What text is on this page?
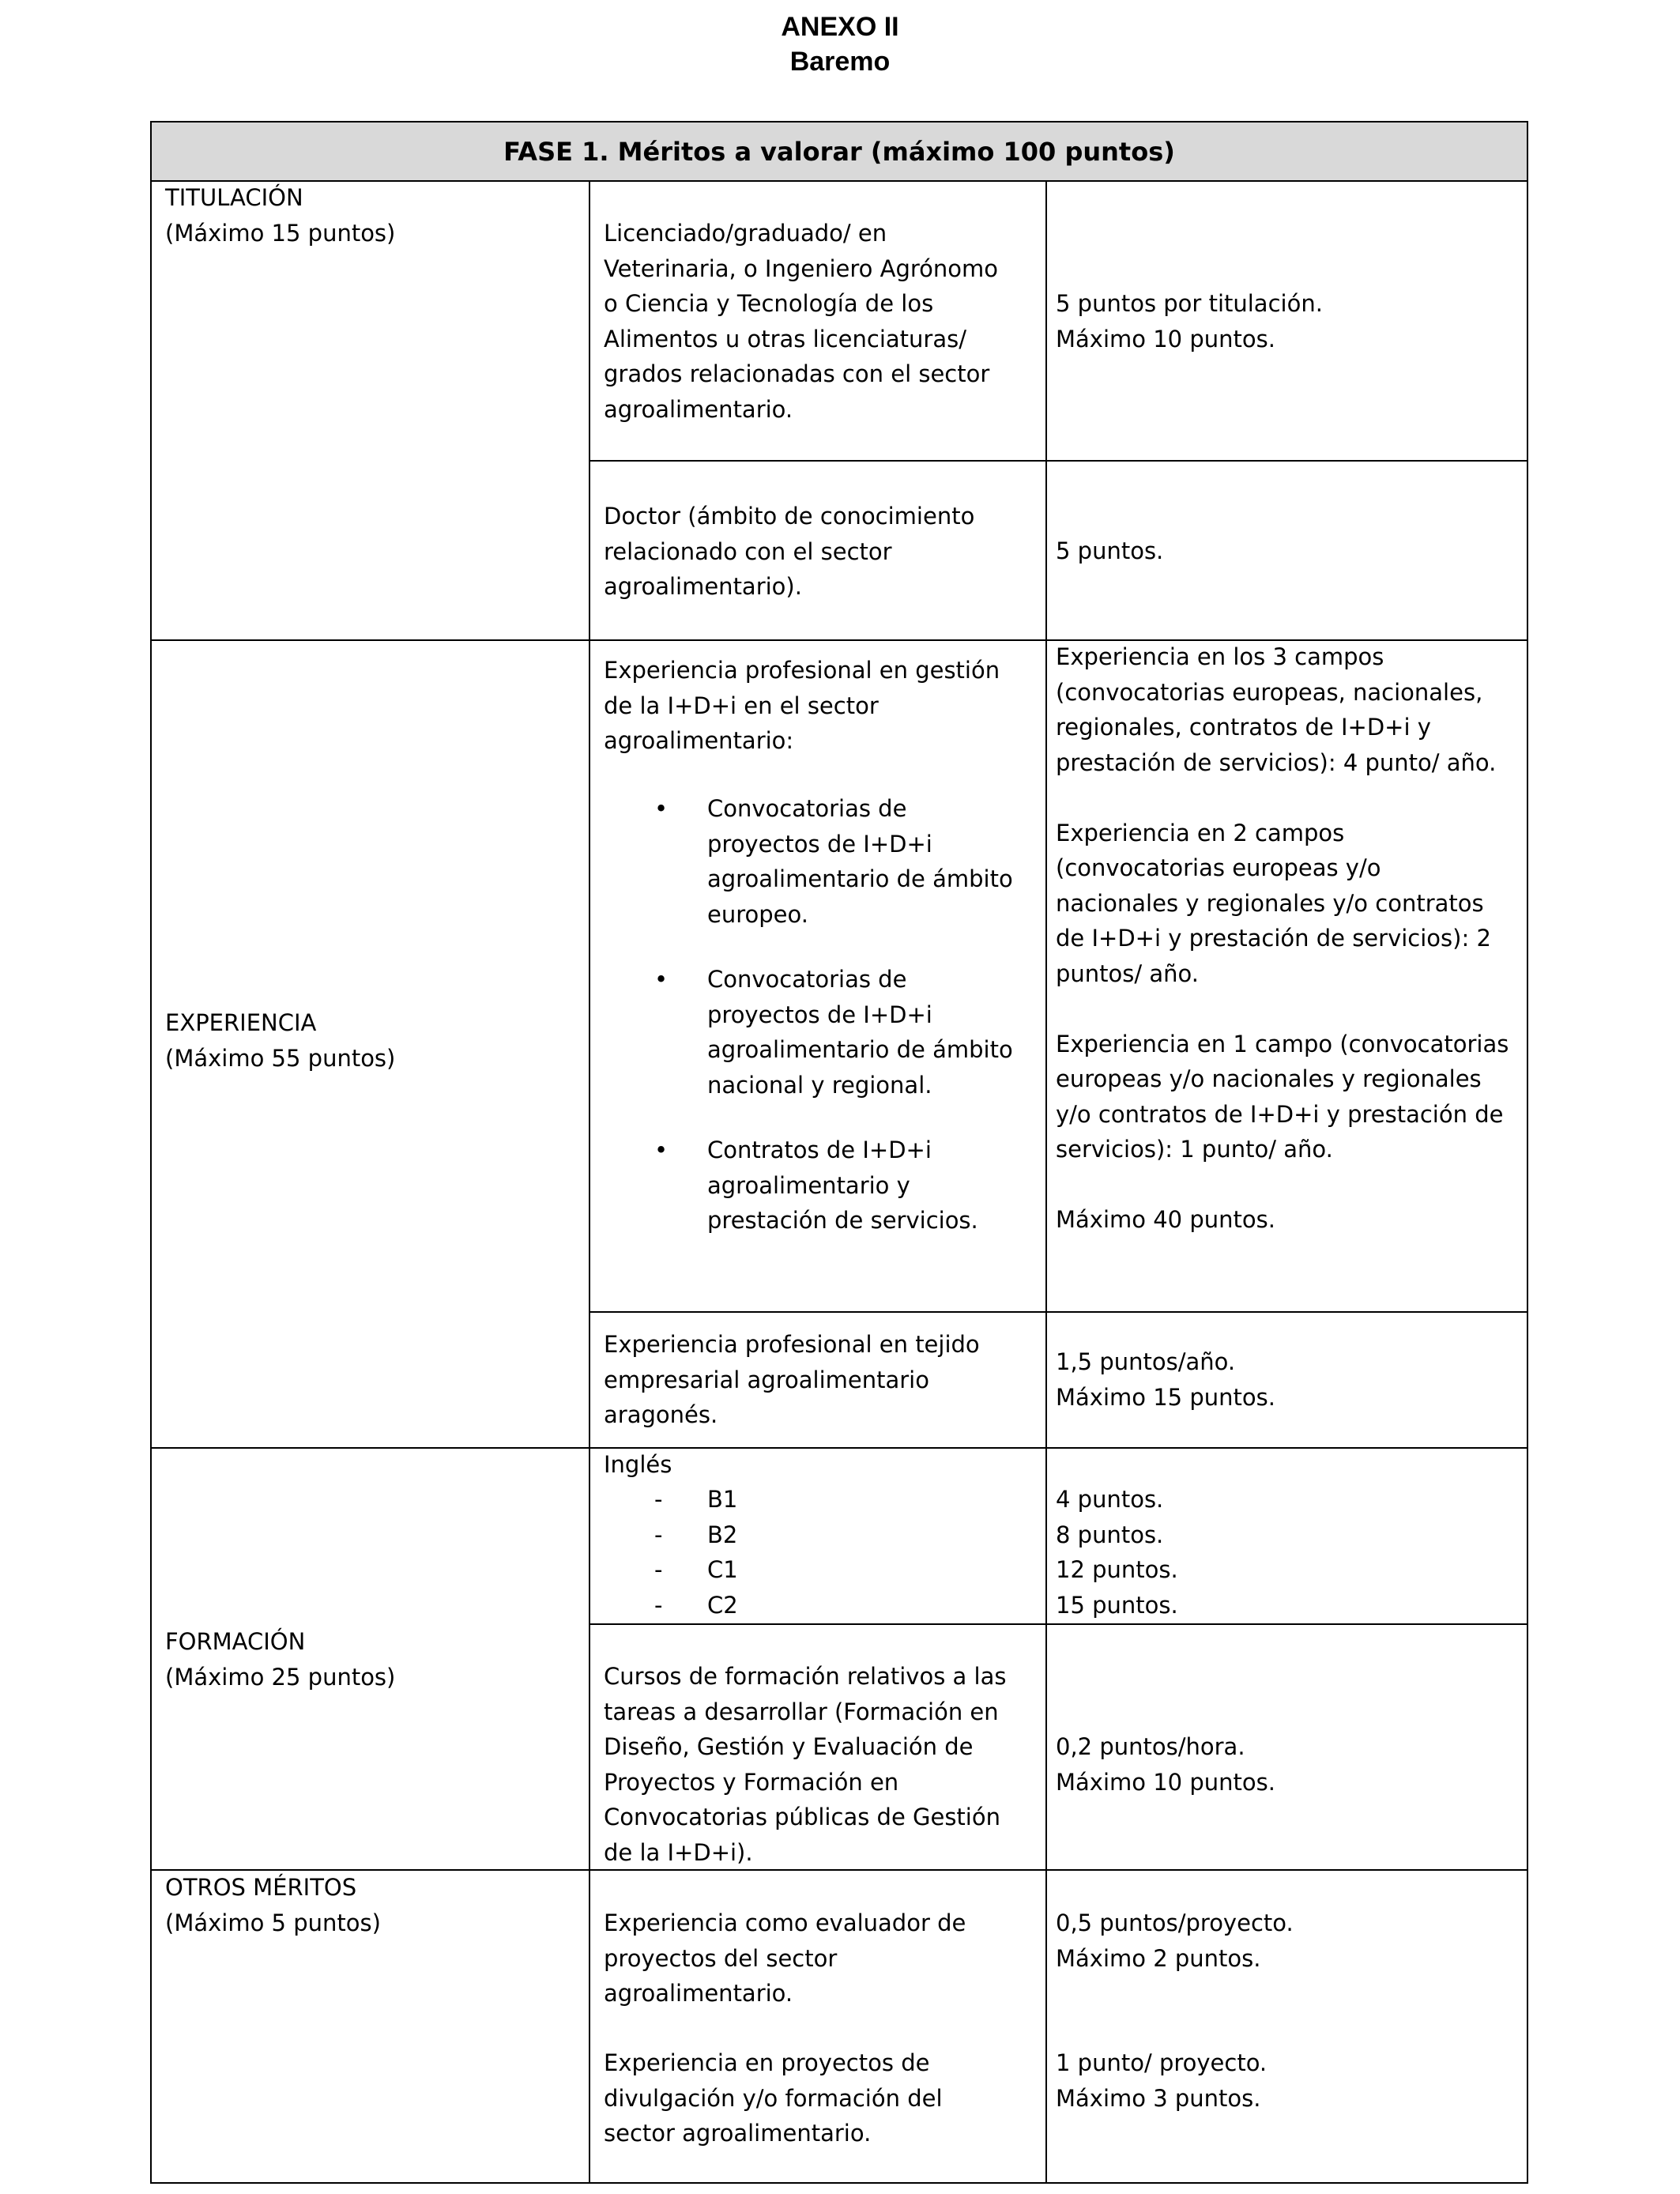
ANEXO II
Baremo
FASE 1. Méritos a valorar (máximo 100 puntos)
TITULACIÓN
(Máximo 15 puntos)	Licenciado/graduado/ en
Veterinaria, o Ingeniero Agrónomo
o Ciencia y Tecnología de los
Alimentos u otras licenciaturas/
grados relacionadas con el sector
agroalimentario.
5 puntos por titulación.
Máximo 10 puntos.
Doctor (ámbito de conocimiento
relacionado con el sector
agroalimentario).
5 puntos.
EXPERIENCIA
(Máximo 55 puntos)
Experiencia profesional en gestión
de la I+D+i en el sector
agroalimentario:
• Convocatorias de
proyectos de I+D+i
agroalimentario de ámbito
europeo.
• Convocatorias de
proyectos de I+D+i
agroalimentario de ámbito
nacional y regional.
• Contratos de I+D+i
agroalimentario y
prestación de servicios.
Experiencia en los 3 campos
(convocatorias europeas, nacionales,
regionales, contratos de I+D+i y
prestación de servicios): 4 punto/ año.

Experiencia en 2 campos
(convocatorias europeas y/o
nacionales y regionales y/o contratos
de I+D+i y prestación de servicios): 2
puntos/ año.

Experiencia en 1 campo (convocatorias
europeas y/o nacionales y regionales
y/o contratos de I+D+i y prestación de
servicios): 1 punto/ año.

Máximo 40 puntos.
Experiencia profesional en tejido
empresarial agroalimentario
aragonés.
1,5 puntos/año.
Máximo 15 puntos.
FORMACIÓN
(Máximo 25 puntos)
Inglés
- B1
- B2
- C1
- C2
4 puntos.
8 puntos.
12 puntos.
15 puntos.
Cursos de formación relativos a las
tareas a desarrollar (Formación en
Diseño, Gestión y Evaluación de
Proyectos y Formación en
Convocatorias públicas de Gestión
de la I+D+i).
0,2 puntos/hora.
Máximo 10 puntos.
OTROS MÉRITOS
(Máximo 5 puntos)	Experiencia como evaluador de
proyectos del sector
agroalimentario.
0,5 puntos/proyecto.
Máximo 2 puntos.
Experiencia en proyectos de
divulgación y/o formación del
sector agroalimentario.
1 punto/ proyecto.
Máximo 3 puntos.
